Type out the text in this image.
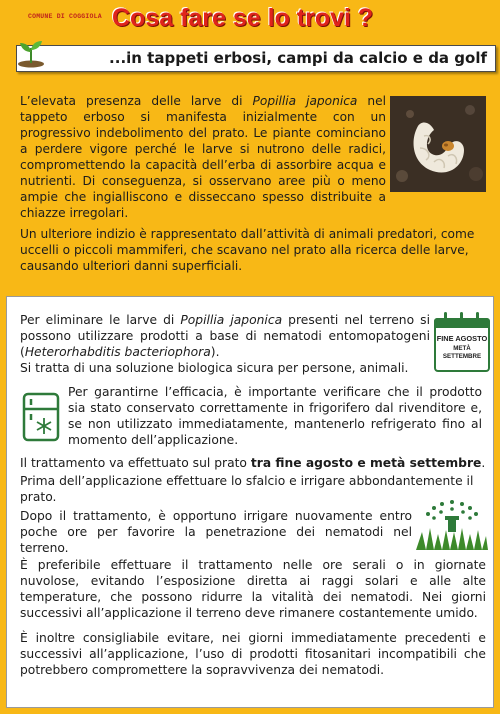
COMUNE DI COGGIOLA Cosa fare se lo trovi ?
...in tappeti erbosi, campi da calcio e da golf

L’elevata presenza delle larve di Popillia japonica nel tappeto erboso si manifesta inizialmente con un progressivo indebolimento del prato. Le piante cominciano a perdere vigore perché le larve si nutrono delle radici, compromettendo la capacità dell’erba di assorbire acqua e nutrienti. Di conseguenza, si osservano aree più o meno ampie che ingialliscono e disseccano spesso distribuite a chiazze irregolari.

Un ulteriore indizio è rappresentato dall’attività di animali predatori, come uccelli o piccoli mammiferi, che scavano nel prato alla ricerca delle larve, causando ulteriori danni superficiali.

Per eliminare le larve di Popillia japonica presenti nel terreno si possono utilizzare prodotti a base di nematodi entomopatogeni (Heterorhabditis bacteriophora).

Si tratta di una soluzione biologica sicura per persone, animali.

FINE AGOSTO
METÀ
SETTEMBRE

Per garantirne l’efficacia, è importante verificare che il prodotto sia stato conservato correttamente in frigorifero dal rivenditore e, se non utilizzato immediatamente, mantenerlo refrigerato fino al momento dell’applicazione.

Il trattamento va effettuato sul prato tra fine agosto e metà settembre.

Prima dell’applicazione effettuare lo sfalcio e irrigare abbondantemente il prato.

Dopo il trattamento, è opportuno irrigare nuovamente entro poche ore per favorire la penetrazione dei nematodi nel terreno.

È preferibile effettuare il trattamento nelle ore serali o in giornate nuvolose, evitando l’esposizione diretta ai raggi solari e alle alte temperature, che possono ridurre la vitalità dei nematodi. Nei giorni successivi all’applicazione il terreno deve rimanere costantemente umido.

È inoltre consigliabile evitare, nei giorni immediatamente precedenti e successivi all’applicazione, l’uso di prodotti fitosanitari incompatibili che potrebbero compromettere la sopravvivenza dei nematodi.
